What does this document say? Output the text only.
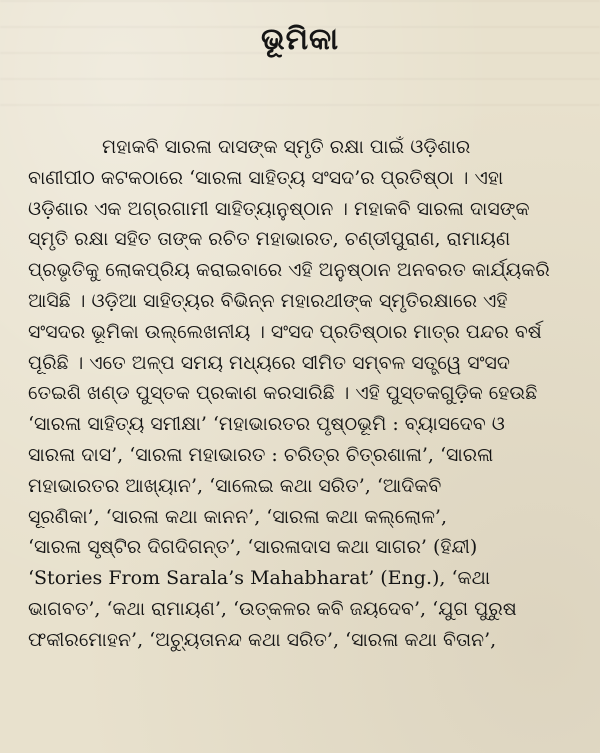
ଭୂମିକା
ମହାକବି ସାରଳା ଦାସଙ୍କ ସ୍ମୃତି ରକ୍ଷା ପାଇଁ ଓଡ଼ିଶାର
ବାଣୀପୀଠ କଟକଠାରେ ‘ସାରଳା ସାହିତ୍ୟ ସଂସଦ’ର ପ୍ରତିଷ୍ଠା । ଏହା
ଓଡ଼ିଶାର ଏକ ଅଗ୍ରଗାମୀ ସାହିତ୍ୟାନୁଷ୍ଠାନ । ମହାକବି ସାରଳା ଦାସଙ୍କ
ସ୍ମୃତି ରକ୍ଷା ସହିତ ତାଙ୍କ ରଚିତ ମହାଭାରତ, ଚଣ୍ଡୀପୁରାଣ, ରାମାୟଣ
ପ୍ରଭୃତିକୁ ଲୋକପ୍ରିୟ କରାଇବାରେ ଏହି ଅନୁଷ୍ଠାନ ଅନବରତ କାର୍ଯ୍ୟକରି
ଆସିଛି । ଓଡ଼ିଆ ସାହିତ୍ୟର ବିଭିନ୍ନ ମହାରଥୀଙ୍କ ସ୍ମୃତିରକ୍ଷାରେ ଏହି
ସଂସଦର ଭୂମିକା ଉଲ୍ଲେଖନୀୟ । ସଂସଦ ପ୍ରତିଷ୍ଠାର ମାତ୍ର ପନ୍ଦର ବର୍ଷ
ପୂରିଛି । ଏତେ ଅଳ୍ପ ସମୟ ମଧ୍ୟରେ ସୀମିତ ସମ୍ବଳ ସତ୍ତ୍ୱେ ସଂସଦ
ତେଇଶି ଖଣ୍ଡ ପୁସ୍ତକ ପ୍ରକାଶ କରସାରିଛି । ଏହି ପୁସ୍ତକଗୁଡ଼ିକ ହେଉଛି
‘ସାରଳା ସାହିତ୍ୟ ସମୀକ୍ଷା’ ‘ମହାଭାରତର ପୃଷ୍ଠଭୂମି : ବ୍ୟାସଦେବ ଓ
ସାରଳା ଦାସ’, ‘ସାରଳା ମହାଭାରତ : ଚରିତ୍ର ଚିତ୍ରଶାଳା’, ‘ସାରଳା
ମହାଭାରତର ଆଖ୍ୟାନ’, ‘ସାଲେଇ କଥା ସରିତ’, ‘ଆଦିକବି
ସୂରଣିକା’, ‘ସାରଳା କଥା କାନନ’, ‘ସାରଳା କଥା କଲ୍ଲୋଳ’,
‘ସାରଳା ସୃଷ୍ଟିର ଦିଗଦିଗନ୍ତ’, ‘ସାରଳାଦାସ କଥା ସାଗର’ (ହିନ୍ଦୀ)
‘Stories From Sarala’s Mahabharat’ (Eng.), ‘କଥା
ଭାଗବତ’, ‘କଥା ରାମାୟଣ’, ‘ଉତ୍କଳର କବି ଜୟଦେବ’, ‘ଯୁଗ ପୁରୁଷ
ଫକୀରମୋହନ’, ‘ଅଚ୍ୟୁତାନନ୍ଦ କଥା ସରିତ’, ‘ସାରଳା କଥା ବିତାନ’,
